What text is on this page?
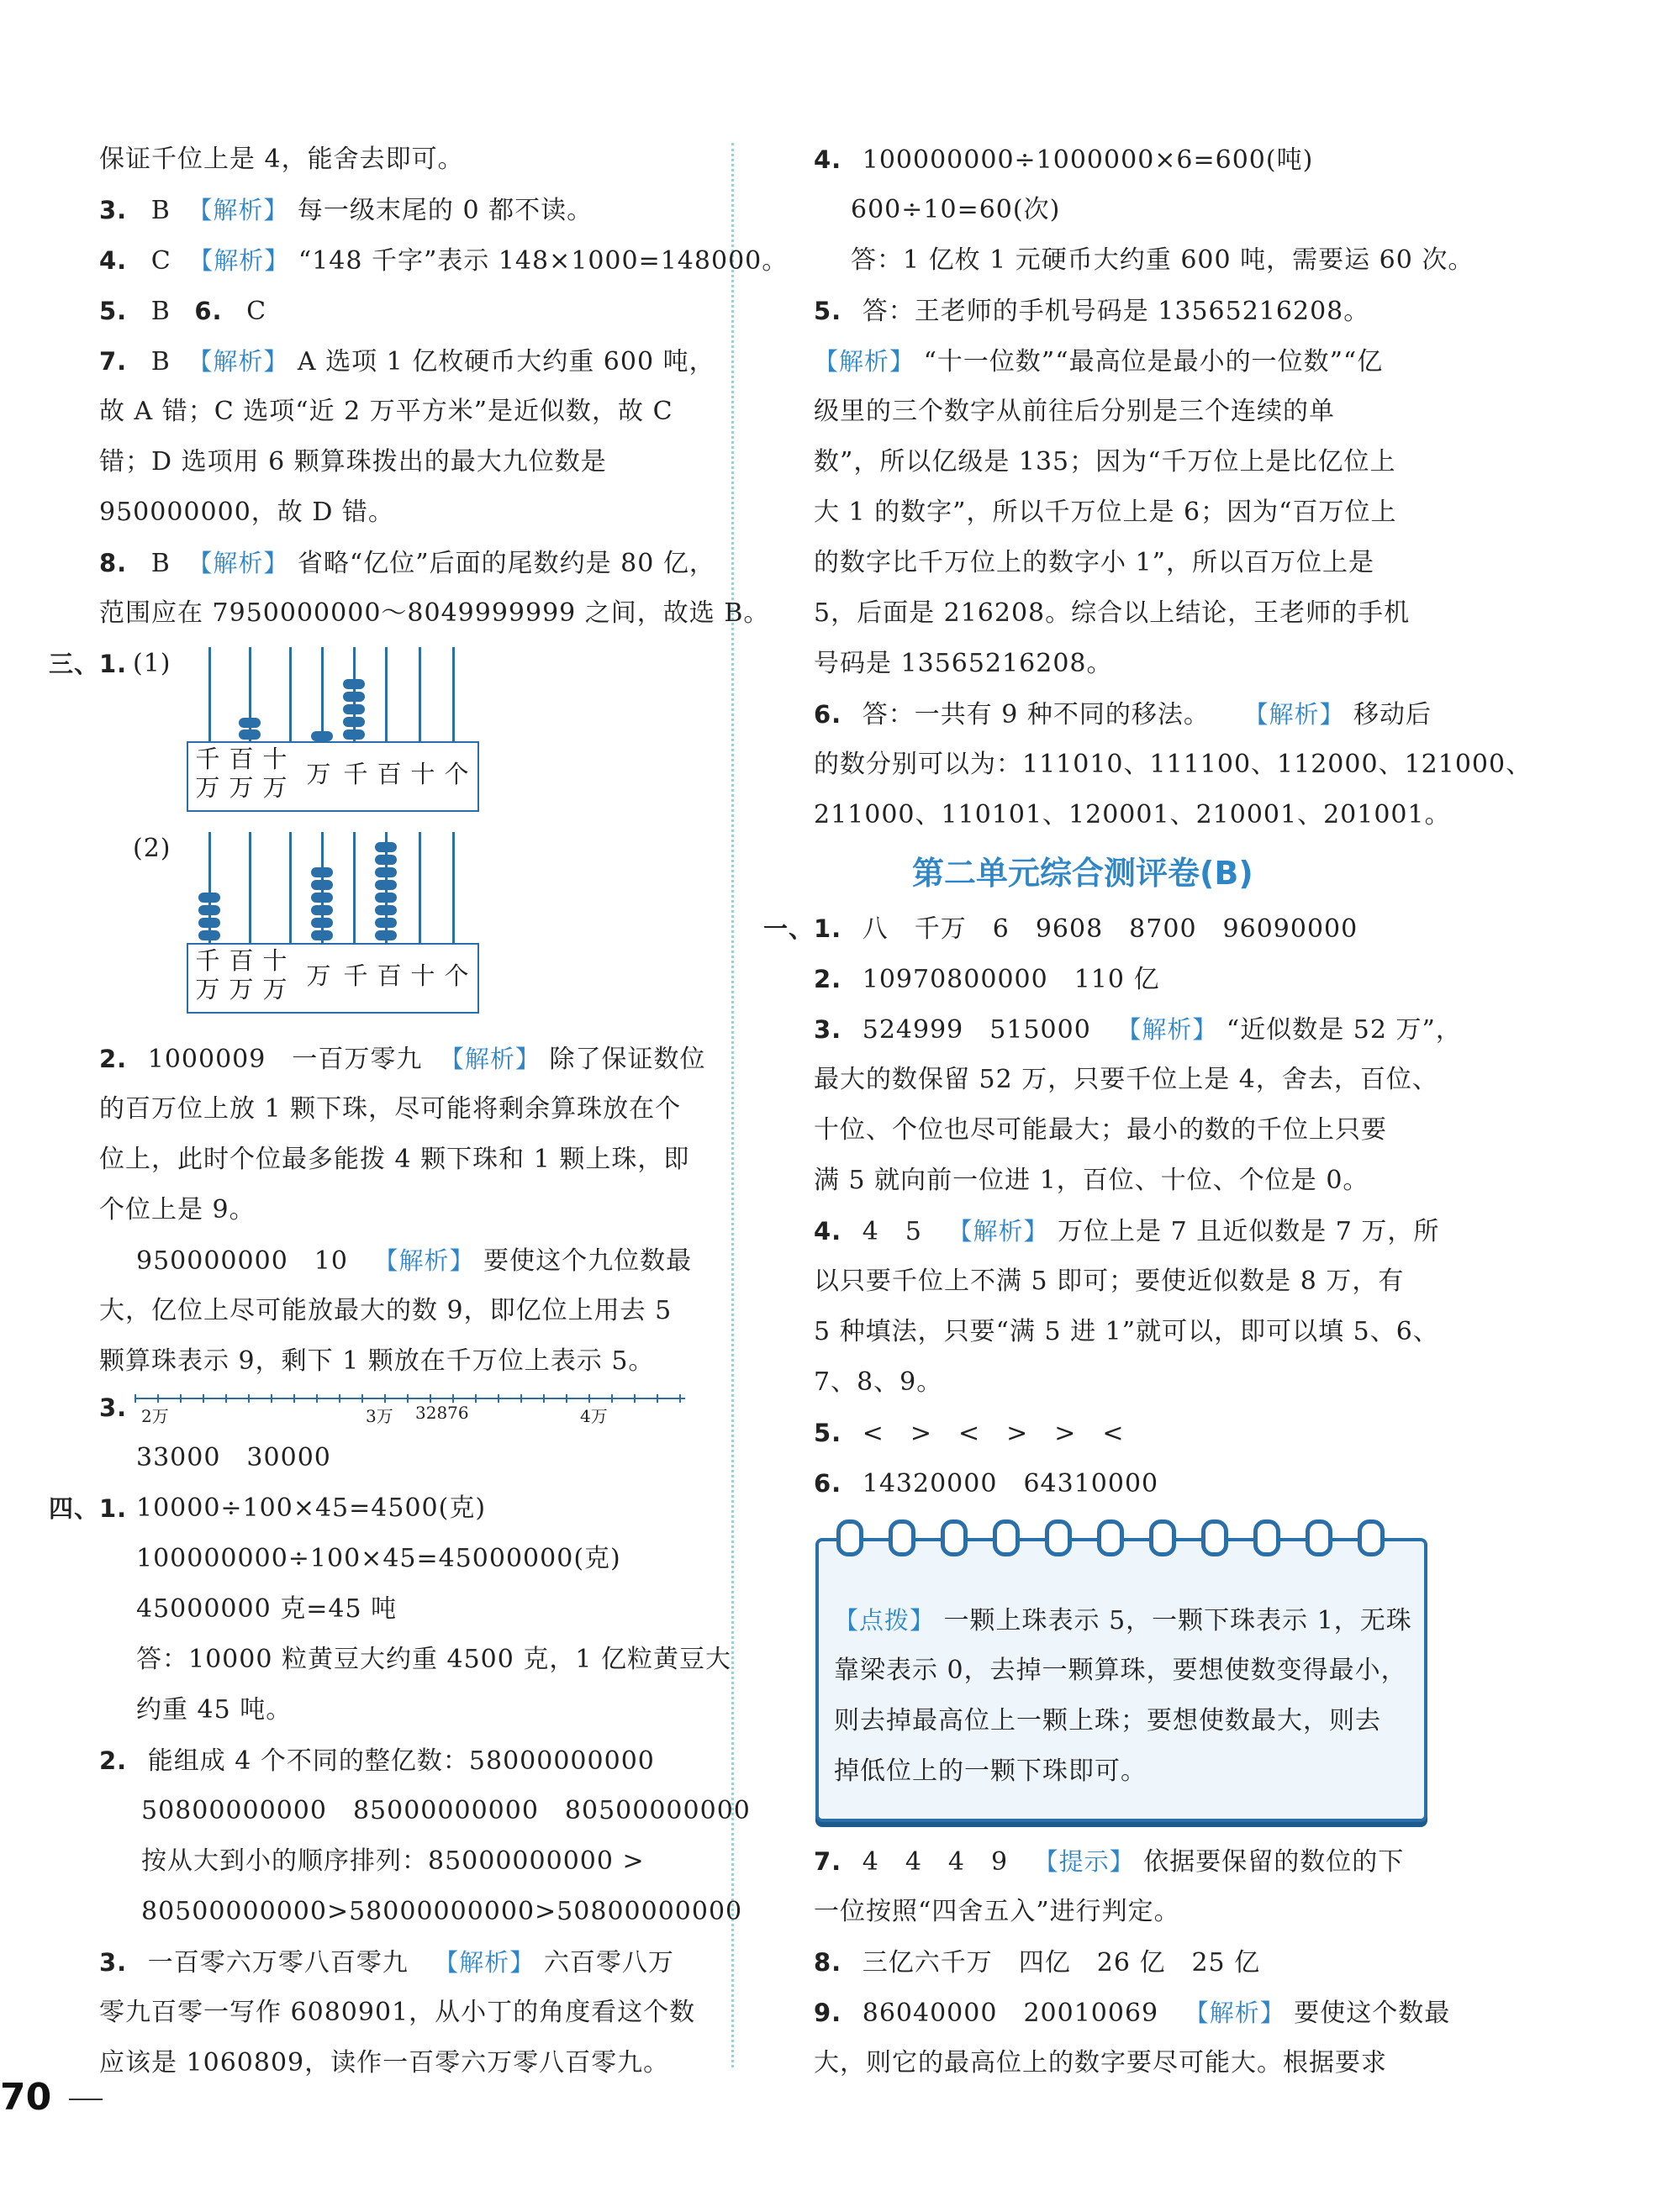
保证千位上是 4，能舍去即可。
3. B 【解析】 每一级末尾的 0 都不读。
4. C 【解析】 “148 千字”表示 148×1000=148000。
5. B 6. C
7. B 【解析】 A 选项 1 亿枚硬币大约重 600 吨，
故 A 错；C 选项“近 2 万平方米”是近似数，故 C
错；D 选项用 6 颗算珠拨出的最大九位数是
950000000，故 D 错。
8. B 【解析】 省略“亿位”后面的尾数约是 80 亿，
范围应在 7950000000～8049999999 之间，故选 B。
三、1. (1)
千万
百万
十万 万 千 百 十 个
(2)
千万
百万
十万 万 千 百 十 个
2. 1000009　一百万零九 【解析】 除了保证数位
的百万位上放 1 颗下珠，尽可能将剩余算珠放在个
位上，此时个位最多能拨 4 颗下珠和 1 颗上珠，即
个位上是 9。
950000000　10 【解析】 要使这个九位数最
大，亿位上尽可能放最大的数 9，即亿位上用去 5
颗算珠表示 9，剩下 1 颗放在千万位上表示 5。
3. 2万	3万 32876	4万
33000　30000
四、1. 10000÷100×45=4500(克)
100000000÷100×45=45000000(克)
45000000 克=45 吨
答：10000 粒黄豆大约重 4500 克，1 亿粒黄豆大
约重 45 吨。
2. 能组成 4 个不同的整亿数：58000000000
50800000000　85000000000　80500000000
按从大到小的顺序排列：85000000000 >
80500000000>58000000000>50800000000
3. 一百零六万零八百零九 【解析】 六百零八万
零九百零一写作 6080901，从小丁的角度看这个数
应该是 1060809，读作一百零六万零八百零九。
4. 100000000÷1000000×6=600(吨)
600÷10=60(次)
答：1 亿枚 1 元硬币大约重 600 吨，需要运 60 次。
5. 答：王老师的手机号码是 13565216208。
【解析】 “十一位数”“最高位是最小的一位数”“亿
级里的三个数字从前往后分别是三个连续的单
数”，所以亿级是 135；因为“千万位上是比亿位上
大 1 的数字”，所以千万位上是 6；因为“百万位上
的数字比千万位上的数字小 1”，所以百万位上是
5，后面是 216208。综合以上结论，王老师的手机
号码是 13565216208。
6. 答：一共有 9 种不同的移法。 【解析】 移动后
的数分别可以为：111010、111100、112000、121000、
211000、110101、120001、210001、201001。
第二单元综合测评卷(B)
一、1. 八　千万　6　9608　8700　96090000
2. 10970800000　110 亿
3. 524999　515000 【解析】 “近似数是 52 万”，
最大的数保留 52 万，只要千位上是 4，舍去，百位、
十位、个位也尽可能最大；最小的数的千位上只要
满 5 就向前一位进 1，百位、十位、个位是 0。
4. 4　5 【解析】 万位上是 7 且近似数是 7 万，所
以只要千位上不满 5 即可；要使近似数是 8 万，有
5 种填法，只要“满 5 进 1”就可以，即可以填 5、6、
7、8、9。
5. <　>　<　>　>　<
6. 14320000　64310000
【点拨】 一颗上珠表示 5，一颗下珠表示 1，无珠
靠梁表示 0，去掉一颗算珠，要想使数变得最小，
则去掉最高位上一颗上珠；要想使数最大，则去
掉低位上的一颗下珠即可。
7. 4　4　4　9 【提示】 依据要保留的数位的下
一位按照“四舍五入”进行判定。
8. 三亿六千万　四亿　26 亿　25 亿
9. 86040000　20010069 【解析】 要使这个数最
大，则它的最高位上的数字要尽可能大。根据要求
70
